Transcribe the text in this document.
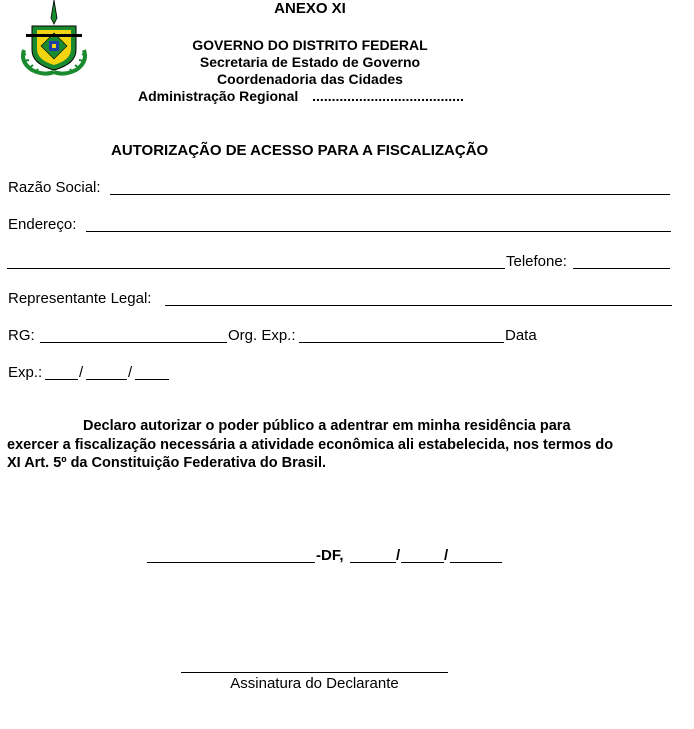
ANEXO XI
GOVERNO DO DISTRITO FEDERAL
Secretaria de Estado de Governo
Coordenadoria das Cidades
Administração Regional .......................................
AUTORIZAÇÃO DE ACESSO PARA A FISCALIZAÇÃO
Razão Social:
Endereço:
Telefone:
Representante Legal:
RG:	Org. Exp.:	Data
Exp.: /	/
Declaro autorizar o poder público a adentrar em minha residência para
exercer a fiscalização necessária a atividade econômica ali estabelecida, nos termos do
XI Art. 5º da Constituição Federativa do Brasil.
-DF,	/	/
Assinatura do Declarante
